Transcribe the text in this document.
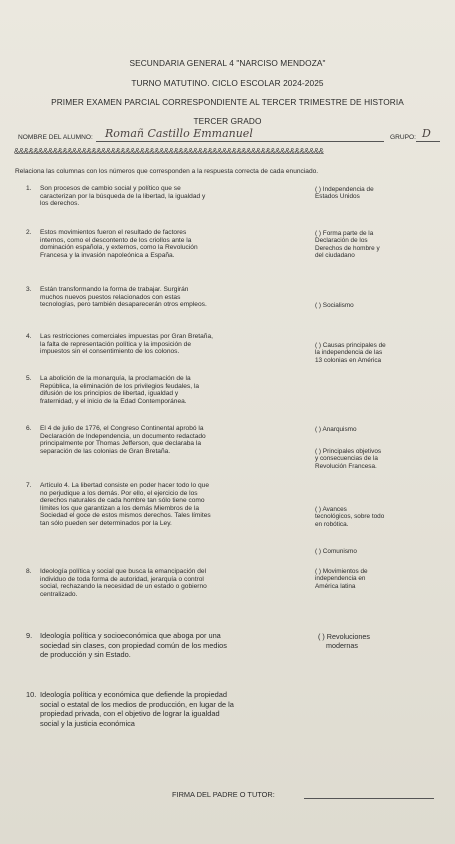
SECUNDARIA GENERAL 4 "NARCISO MENDOZA"
TURNO MATUTINO. CICLO ESCOLAR 2024-2025
PRIMER EXAMEN PARCIAL CORRESPONDIENTE AL TERCER TRIMESTRE DE HISTORIA
TERCER GRADO
NOMBRE DEL ALUMNO: Romañ Castillo Emmanuel	GRUPO: D
&&&&&&&&&&&&&&&&&&&&&&&&&&&&&&&&&&&&&&&&&&&&&&&&&&&&&&&&&&&&&&&&
Relaciona las columnas con los números que corresponden a la respuesta correcta de cada enunciado.
1. Son procesos de cambio social y político que se
caracterizan por la búsqueda de la libertad, la igualdad y
los derechos.
2. Estos movimientos fueron el resultado de factores
internos, como el descontento de los criollos ante la
dominación española, y externos, como la Revolución
Francesa y la invasión napoleónica a España.
3. Están transformando la forma de trabajar. Surgirán
muchos nuevos puestos relacionados con estas
tecnologías, pero también desaparecerán otros empleos.
4. Las restricciones comerciales impuestas por Gran Bretaña,
la falta de representación política y la imposición de
impuestos sin el consentimiento de los colonos.
5. La abolición de la monarquía, la proclamación de la
República, la eliminación de los privilegios feudales, la
difusión de los principios de libertad, igualdad y
fraternidad, y el inicio de la Edad Contemporánea.
6. El 4 de julio de 1776, el Congreso Continental aprobó la
Declaración de Independencia, un documento redactado
principalmente por Thomas Jefferson, que declaraba la
separación de las colonias de Gran Bretaña.
7. Artículo 4. La libertad consiste en poder hacer todo lo que
no perjudique a los demás. Por ello, el ejercicio de los
derechos naturales de cada hombre tan sólo tiene como
límites los que garantizan a los demás Miembros de la
Sociedad el goce de estos mismos derechos. Tales límites
tan sólo pueden ser determinados por la Ley.
8. Ideología política y social que busca la emancipación del
individuo de toda forma de autoridad, jerarquía o control
social, rechazando la necesidad de un estado o gobierno
centralizado.
9. Ideología política y socioeconómica que aboga por una
sociedad sin clases, con propiedad común de los medios
de producción y sin Estado.
10. Ideología política y económica que defiende la propiedad
social o estatal de los medios de producción, en lugar de la
propiedad privada, con el objetivo de lograr la igualdad
social y la justicia económica
( ) Independencia de
Estados Unidos
( ) Forma parte de la
Declaración de los
Derechos de hombre y
del ciudadano
( ) Socialismo
( ) Causas principales de
la independencia de las
13 colonias en América
( ) Anarquismo
( ) Principales objetivos
y consecuencias de la
Revolución Francesa.
( ) Avances
tecnológicos, sobre todo
en robótica.
( ) Comunismo
( ) Movimientos de
independencia en
América latina
( ) Revoluciones
modernas
FIRMA DEL PADRE O TUTOR:
